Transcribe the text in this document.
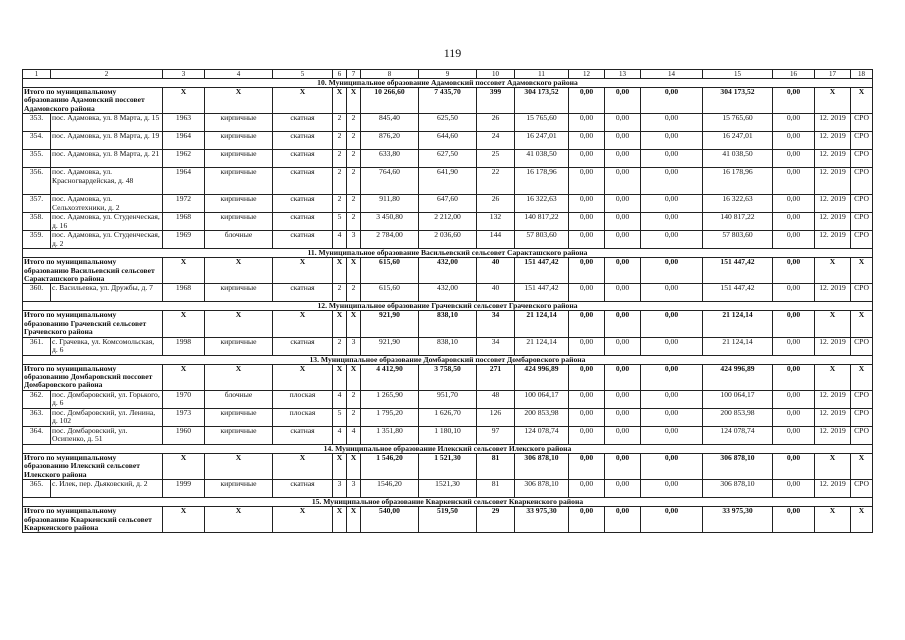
119
1	2	3	4	5	6	7	8	9	10	11	12	13	14	15	16	17	18
10. Муниципальное образование Адамовский поссовет Адамовского района																	
Итого по муниципальному образованию Адамовский поссовет Адамовского района		X	X	X	X	X	10 266,60	7 435,70	399	304 173,52	0,00	0,00	0,00	304 173,52	0,00	X	X
353.	пос. Адамовка, ул. 8 Марта, д. 15	1963	кирпичные	скатная	2	2	845,40	625,50	26	15 765,60	0,00	0,00	0,00	15 765,60	0,00	12. 2019	СРО
354.	пос. Адамовка, ул. 8 Марта, д. 19	1964	кирпичные	скатная	2	2	876,20	644,60	24	16 247,01	0,00	0,00	0,00	16 247,01	0,00	12. 2019	СРО
355.	пос. Адамовка, ул. 8 Марта, д. 21	1962	кирпичные	скатная	2	2	633,80	627,50	25	41 038,50	0,00	0,00	0,00	41 038,50	0,00	12. 2019	СРО
356.	пос. Адамовка, ул. Красногвардейская, д. 48	1964	кирпичные	скатная	2	2	764,60	641,90	22	16 178,96	0,00	0,00	0,00	16 178,96	0,00	12. 2019	СРО
357.	пос. Адамовка, ул. Сельхозтехники, д. 2	1972	кирпичные	скатная	2	2	911,80	647,60	26	16 322,63	0,00	0,00	0,00	16 322,63	0,00	12. 2019	СРО
358.	пос. Адамовка, ул. Студенческая, д. 16	1968	кирпичные	скатная	5	2	3 450,80	2 212,00	132	140 817,22	0,00	0,00	0,00	140 817,22	0,00	12. 2019	СРО
359.	пос. Адамовка, ул. Студенческая, д. 2	1969	блочные	скатная	4	3	2 784,00	2 036,60	144	57 803,60	0,00	0,00	0,00	57 803,60	0,00	12. 2019	СРО
11. Муниципальное образование Васильевский сельсовет Саракташского района																	
Итого по муниципальному образованию Васильевский сельсовет Саракташского района		X	X	X	X	X	615,60	432,00	40	151 447,42	0,00	0,00	0,00	151 447,42	0,00	X	X
360.	с. Васильевка, ул. Дружбы, д. 7	1968	кирпичные	скатная	2	2	615,60	432,00	40	151 447,42	0,00	0,00	0,00	151 447,42	0,00	12. 2019	СРО
12. Муниципальное образование Грачевский сельсовет Грачевского района																	
Итого по муниципальному образованию Грачевский сельсовет Грачевского района		X	X	X	X	X	921,90	838,10	34	21 124,14	0,00	0,00	0,00	21 124,14	0,00	X	X
361.	с. Грачевка, ул. Комсомольская, д. 6	1998	кирпичные	скатная	2	3	921,90	838,10	34	21 124,14	0,00	0,00	0,00	21 124,14	0,00	12. 2019	СРО
13. Муниципальное образование Домбаровский поссовет Домбаровского района																	
Итого по муниципальному образованию Домбаровский поссовет Домбаровского района		X	X	X	X	X	4 412,90	3 758,50	271	424 996,89	0,00	0,00	0,00	424 996,89	0,00	X	X
362.	пос. Домбаровский, ул. Горького, д. 6	1970	блочные	плоская	4	2	1 265,90	951,70	48	100 064,17	0,00	0,00	0,00	100 064,17	0,00	12. 2019	СРО
363.	пос. Домбаровский, ул. Ленина, д. 102	1973	кирпичные	плоская	5	2	1 795,20	1 626,70	126	200 853,98	0,00	0,00	0,00	200 853,98	0,00	12. 2019	СРО
364.	пос. Домбаровский, ул. Осипенко, д. 51	1960	кирпичные	скатная	4	4	1 351,80	1 180,10	97	124 078,74	0,00	0,00	0,00	124 078,74	0,00	12. 2019	СРО
14. Муниципальное образование Илекский сельсовет Илекского района																	
Итого по муниципальному образованию Илекский сельсовет Илекского района		X	X	X	X	X	1 546,20	1 521,30	81	306 878,10	0,00	0,00	0,00	306 878,10	0,00	X	X
365.	с. Илек, пер. Дьяковский, д. 2	1999	кирпичные	скатная	3	3	1546,20	1521,30	81	306 878,10	0,00	0,00	0,00	306 878,10	0,00	12. 2019	СРО
15. Муниципальное образование Кваркенский сельсовет Кваркенского района																	
Итого по муниципальному образованию Кваркенский сельсовет Кваркенского района		X	X	X	X	X	540,00	519,50	29	33 975,30	0,00	0,00	0,00	33 975,30	0,00	X	X
